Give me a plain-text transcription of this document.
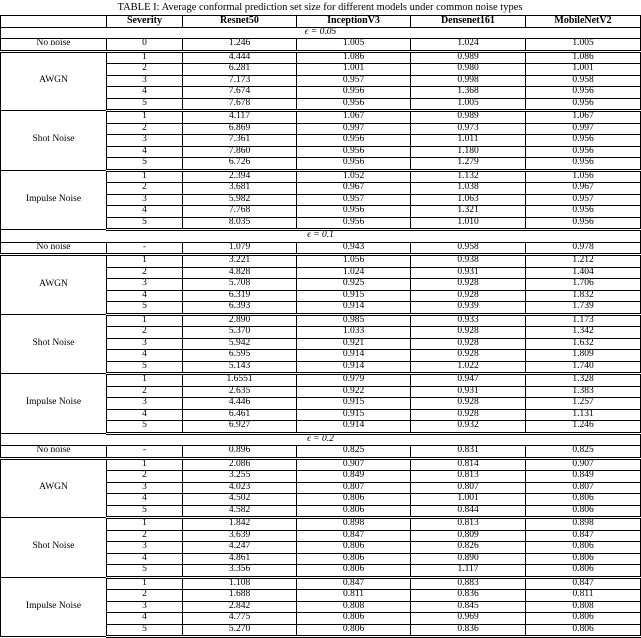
TABLE I: Average conformal prediction set size for different models under common noise types
	Severity	Resnet50	InceptionV3	Densenet161	MobileNetV2
ϵ = 0.05					
No noise	0	1.246	1.005	1.024	1.005
AWGN	1	4.444	1.086	0.989	1.086
	2	6.281	1.001	0.980	1.001
	3	7.173	0.957	0.998	0.958
	4	7.674	0.956	1.368	0.956
	5	7.678	0.956	1.005	0.956
Shot Noise	1	4.117	1.067	0.989	1.067
	2	6.869	0.997	0.973	0.997
	3	7.361	0.956	1.011	0.956
	4	7.860	0.956	1.180	0.956
	5	6.726	0.956	1.279	0.956
Impulse Noise	1	2.394	1.052	1.132	1.056
	2	3.681	0.967	1.038	0.967
	3	5.982	0.957	1.063	0.957
	4	7.768	0.956	1.321	0.956
	5	8.035	0.956	1.010	0.956
ϵ = 0.1					
No noise	-	1.079	0.943	0.958	0.978
AWGN	1	3.221	1.056	0.938	1.212
	2	4.828	1.024	0.931	1.404
	3	5.708	0.925	0.928	1.706
	4	6.319	0.915	0.928	1.832
	5	6.393	0.914	0.939	1.739
Shot Noise	1	2.890	0.985	0.933	1.173
	2	5.370	1.033	0.928	1.342
	3	5.942	0.921	0.928	1.632
	4	6.595	0.914	0.928	1.809
	5	5.143	0.914	1.022	1.740
Impulse Noise	1	1.6551	0.979	0.947	1.328
	2	2.635	0.922	0.931	1.383
	3	4.446	0.915	0.928	1.257
	4	6.461	0.915	0.928	1.131
	5	6.927	0.914	0.932	1.246
ϵ = 0.2					
No noise	-	0.896	0.825	0.831	0.825
AWGN	1	2.086	0.907	0.814	0.907
	2	3.255	0.849	0.813	0.849
	3	4.023	0.807	0.807	0.807
	4	4.502	0.806	1.001	0.806
	5	4.582	0.806	0.844	0.806
Shot Noise	1	1.842	0.898	0.813	0.898
	2	3.639	0.847	0.809	0.847
	3	4.247	0.806	0.826	0.806
	4	4.861	0.806	0.890	0.806
	5	3.356	0.806	1.117	0.806
Impulse Noise	1	1.108	0.847	0.883	0.847
	2	1.688	0.811	0.836	0.811
	3	2.842	0.808	0.845	0.808
	4	4.775	0.806	0.969	0.806
	5	5.270	0.806	0.836	0.806
